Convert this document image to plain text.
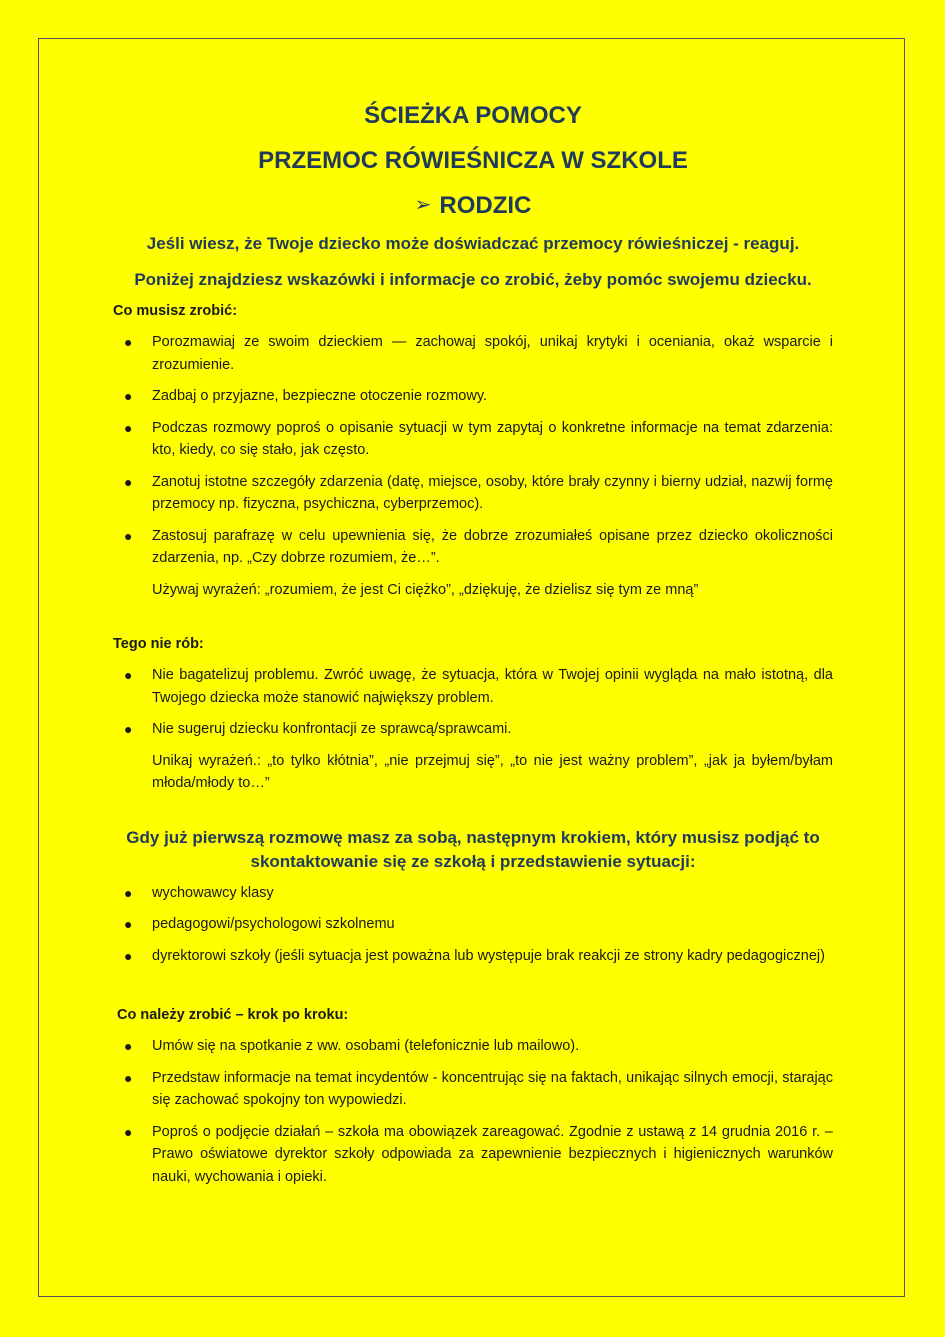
ŚCIEŻKA POMOCY
PRZEMOC RÓWIEŚNICZA W SZKOLE
➢ RODZIC

Jeśli wiesz, że Twoje dziecko może doświadczać przemocy rówieśniczej - reaguj.

Poniżej znajdziesz wskazówki i informacje co zrobić, żeby pomóc swojemu dziecku.

Co musisz zrobić:

● Porozmawiaj ze swoim dzieckiem — zachowaj spokój, unikaj krytyki i oceniania, okaż wsparcie i zrozumienie.
● Zadbaj o przyjazne, bezpieczne otoczenie rozmowy.
● Podczas rozmowy poproś o opisanie sytuacji w tym zapytaj o konkretne informacje na temat zdarzenia: kto, kiedy, co się stało, jak często.
● Zanotuj istotne szczegóły zdarzenia (datę, miejsce, osoby, które brały czynny i bierny udział, nazwij formę przemocy np. fizyczna, psychiczna, cyberprzemoc).
● Zastosuj parafrazę w celu upewnienia się, że dobrze zrozumiałeś opisane przez dziecko okoliczności zdarzenia, np. „Czy dobrze rozumiem, że…”.

Używaj wyrażeń: „rozumiem, że jest Ci ciężko”, „dziękuję, że dzielisz się tym ze mną”

Tego nie rób:

● Nie bagatelizuj problemu. Zwróć uwagę, że sytuacja, która w Twojej opinii wygląda na mało istotną, dla Twojego dziecka może stanowić największy problem.
● Nie sugeruj dziecku konfrontacji ze sprawcą/sprawcami.

Unikaj wyrażeń.: „to tylko kłótnia”, „nie przejmuj się”, „to nie jest ważny problem”, „jak ja byłem/byłam młoda/młody to…”

Gdy już pierwszą rozmowę masz za sobą, następnym krokiem, który musisz podjąć to skontaktowanie się ze szkołą i przedstawienie sytuacji:

● wychowawcy klasy
● pedagogowi/psychologowi szkolnemu
● dyrektorowi szkoły (jeśli sytuacja jest poważna lub występuje brak reakcji ze strony kadry pedagogicznej)

Co należy zrobić – krok po kroku:

● Umów się na spotkanie z ww. osobami (telefonicznie lub mailowo).
● Przedstaw informacje na temat incydentów - koncentrując się na faktach, unikając silnych emocji, starając się zachować spokojny ton wypowiedzi.
● Poproś o podjęcie działań – szkoła ma obowiązek zareagować. Zgodnie z ustawą z 14 grudnia 2016 r. – Prawo oświatowe dyrektor szkoły odpowiada za zapewnienie bezpiecznych i higienicznych warunków nauki, wychowania i opieki.
